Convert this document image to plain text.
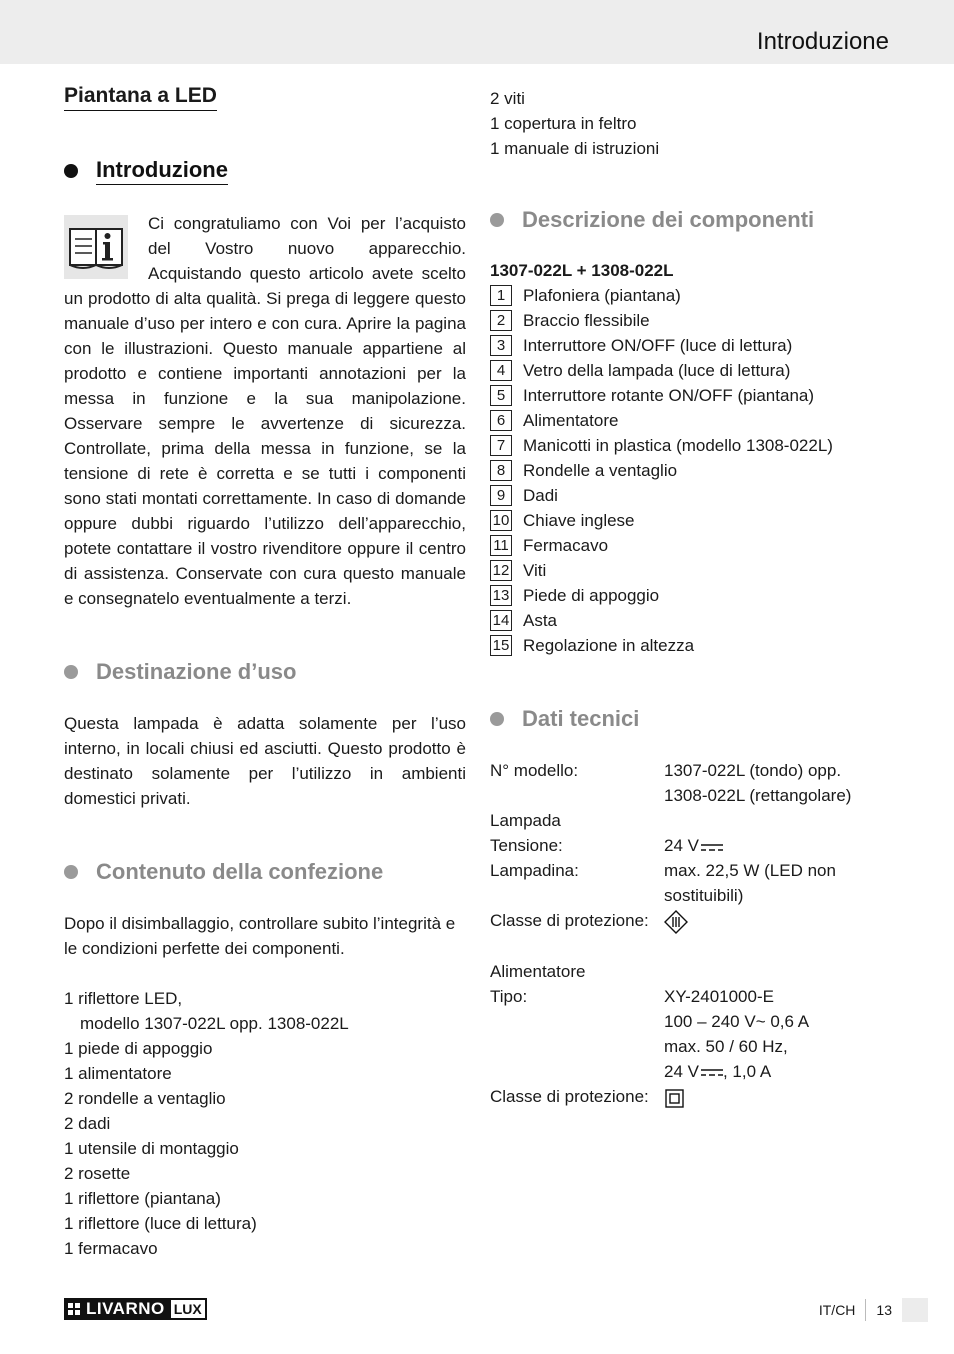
Introduzione
Piantana a LED
Introduzione

Ci congratuliamo con Voi per l’acquisto del Vostro nuovo apparecchio. Acquistando questo articolo avete scelto un prodotto di alta qualità. Si prega di leggere questo manuale d’uso per intero e con cura. Aprire la pagina con le illustrazioni. Questo manuale appartiene al prodotto e contiene importanti annotazioni per la messa in funzione e la sua manipolazione. Osservare sempre le avvertenze di sicurezza. Controllate, prima della messa in funzione, se la tensione di rete è corretta e se tutti i componenti sono stati montati correttamente. In caso di domande oppure dubbi riguardo l’utilizzo dell’apparecchio, potete contattare il vostro rivenditore oppure il centro di assistenza. Conservate con cura questo manuale e consegnatelo eventualmente a terzi.

Destinazione d’uso

Questa lampada è adatta solamente per l’uso interno, in locali chiusi ed asciutti. Questo prodotto è destinato solamente per l’utilizzo in ambienti domestici privati.

Contenuto della confezione

Dopo il disimballaggio, controllare subito l’integrità e le condizioni perfette dei componenti.

1 riflettore LED,
modello 1307-022L opp. 1308-022L
1 piede di appoggio
1 alimentatore
2 rondelle a ventaglio
2 dadi
1 utensile di montaggio
2 rosette
1 riflettore (piantana)
1 riflettore (luce di lettura)
1 fermacavo
2 viti
1 copertura in feltro
1 manuale di istruzioni
Descrizione dei componenti
1307-022L + 1308-022L
1	Plafoniera (piantana)
2	Braccio flessibile
3	Interruttore ON/OFF (luce di lettura)
4	Vetro della lampada (luce di lettura)
5	Interruttore rotante ON/OFF (piantana)
6	Alimentatore
7	Manicotti in plastica (modello 1308-022L)
8	Rondelle a ventaglio
9	Dadi
10 Chiave inglese
11 Fermacavo
12 Viti
13 Piede di appoggio
14 Asta
15 Regolazione in altezza
Dati tecnici
N° modello:	1307-022L (tondo) opp.
1308-022L (rettangolare)
Lampada
Tensione:	24 V
Lampadina:	max. 22,5 W (LED non
sostituibili)
Classe di protezione:
Alimentatore
Tipo:	XY-2401000-E
100 – 240 V~ 0,6 A
max. 50 / 60 Hz,
24 V , 1,0 A
Classe di protezione:
LIVARNO LUX	IT/CH 13
